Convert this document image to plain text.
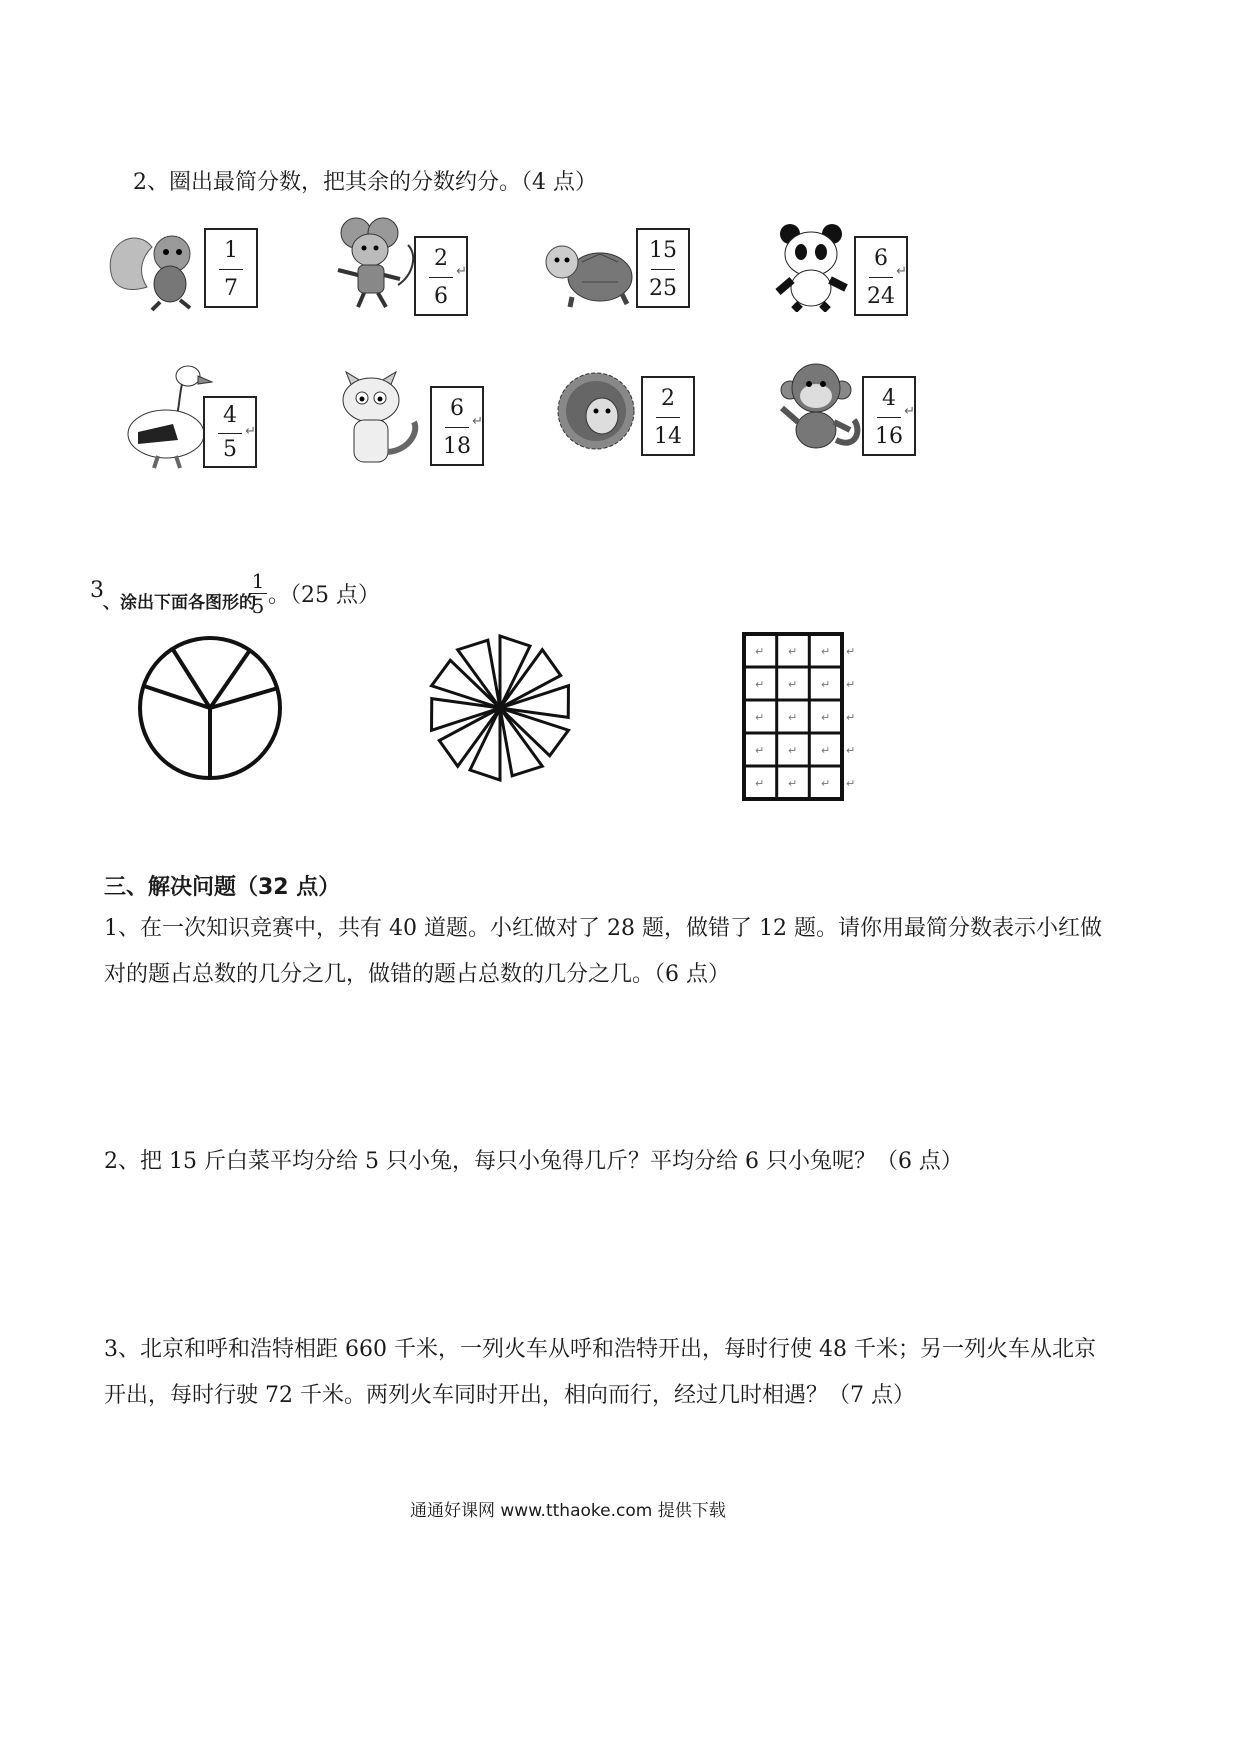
2、圈出最简分数，把其余的分数约分。（4 点）
1
7
2
6
↵
15
25
6
24
↵
4
5
↵
6
18
↵
2
14
4
16
↵
3 、涂出下面各图形的
1
5 。（25 点）
↵ ↵ ↵ ↵
↵ ↵ ↵ ↵
↵ ↵ ↵ ↵
↵ ↵ ↵ ↵
↵ ↵ ↵ ↵
三、解决问题（32 点）
1、在一次知识竞赛中，共有 40 道题。小红做对了 28 题，做错了 12 题。请你用最简分数表示小红做对的题占总数的几分之几，做错的题占总数的几分之几。（6 点）
2、把 15 斤白菜平均分给 5 只小兔，每只小兔得几斤？平均分给 6 只小兔呢？（6 点）
3、北京和呼和浩特相距 660 千米，一列火车从呼和浩特开出，每时行使 48 千米；另一列火车从北京开出，每时行驶 72 千米。两列火车同时开出，相向而行，经过几时相遇？（7 点）
通通好课网 www.tthaoke.com 提供下载
